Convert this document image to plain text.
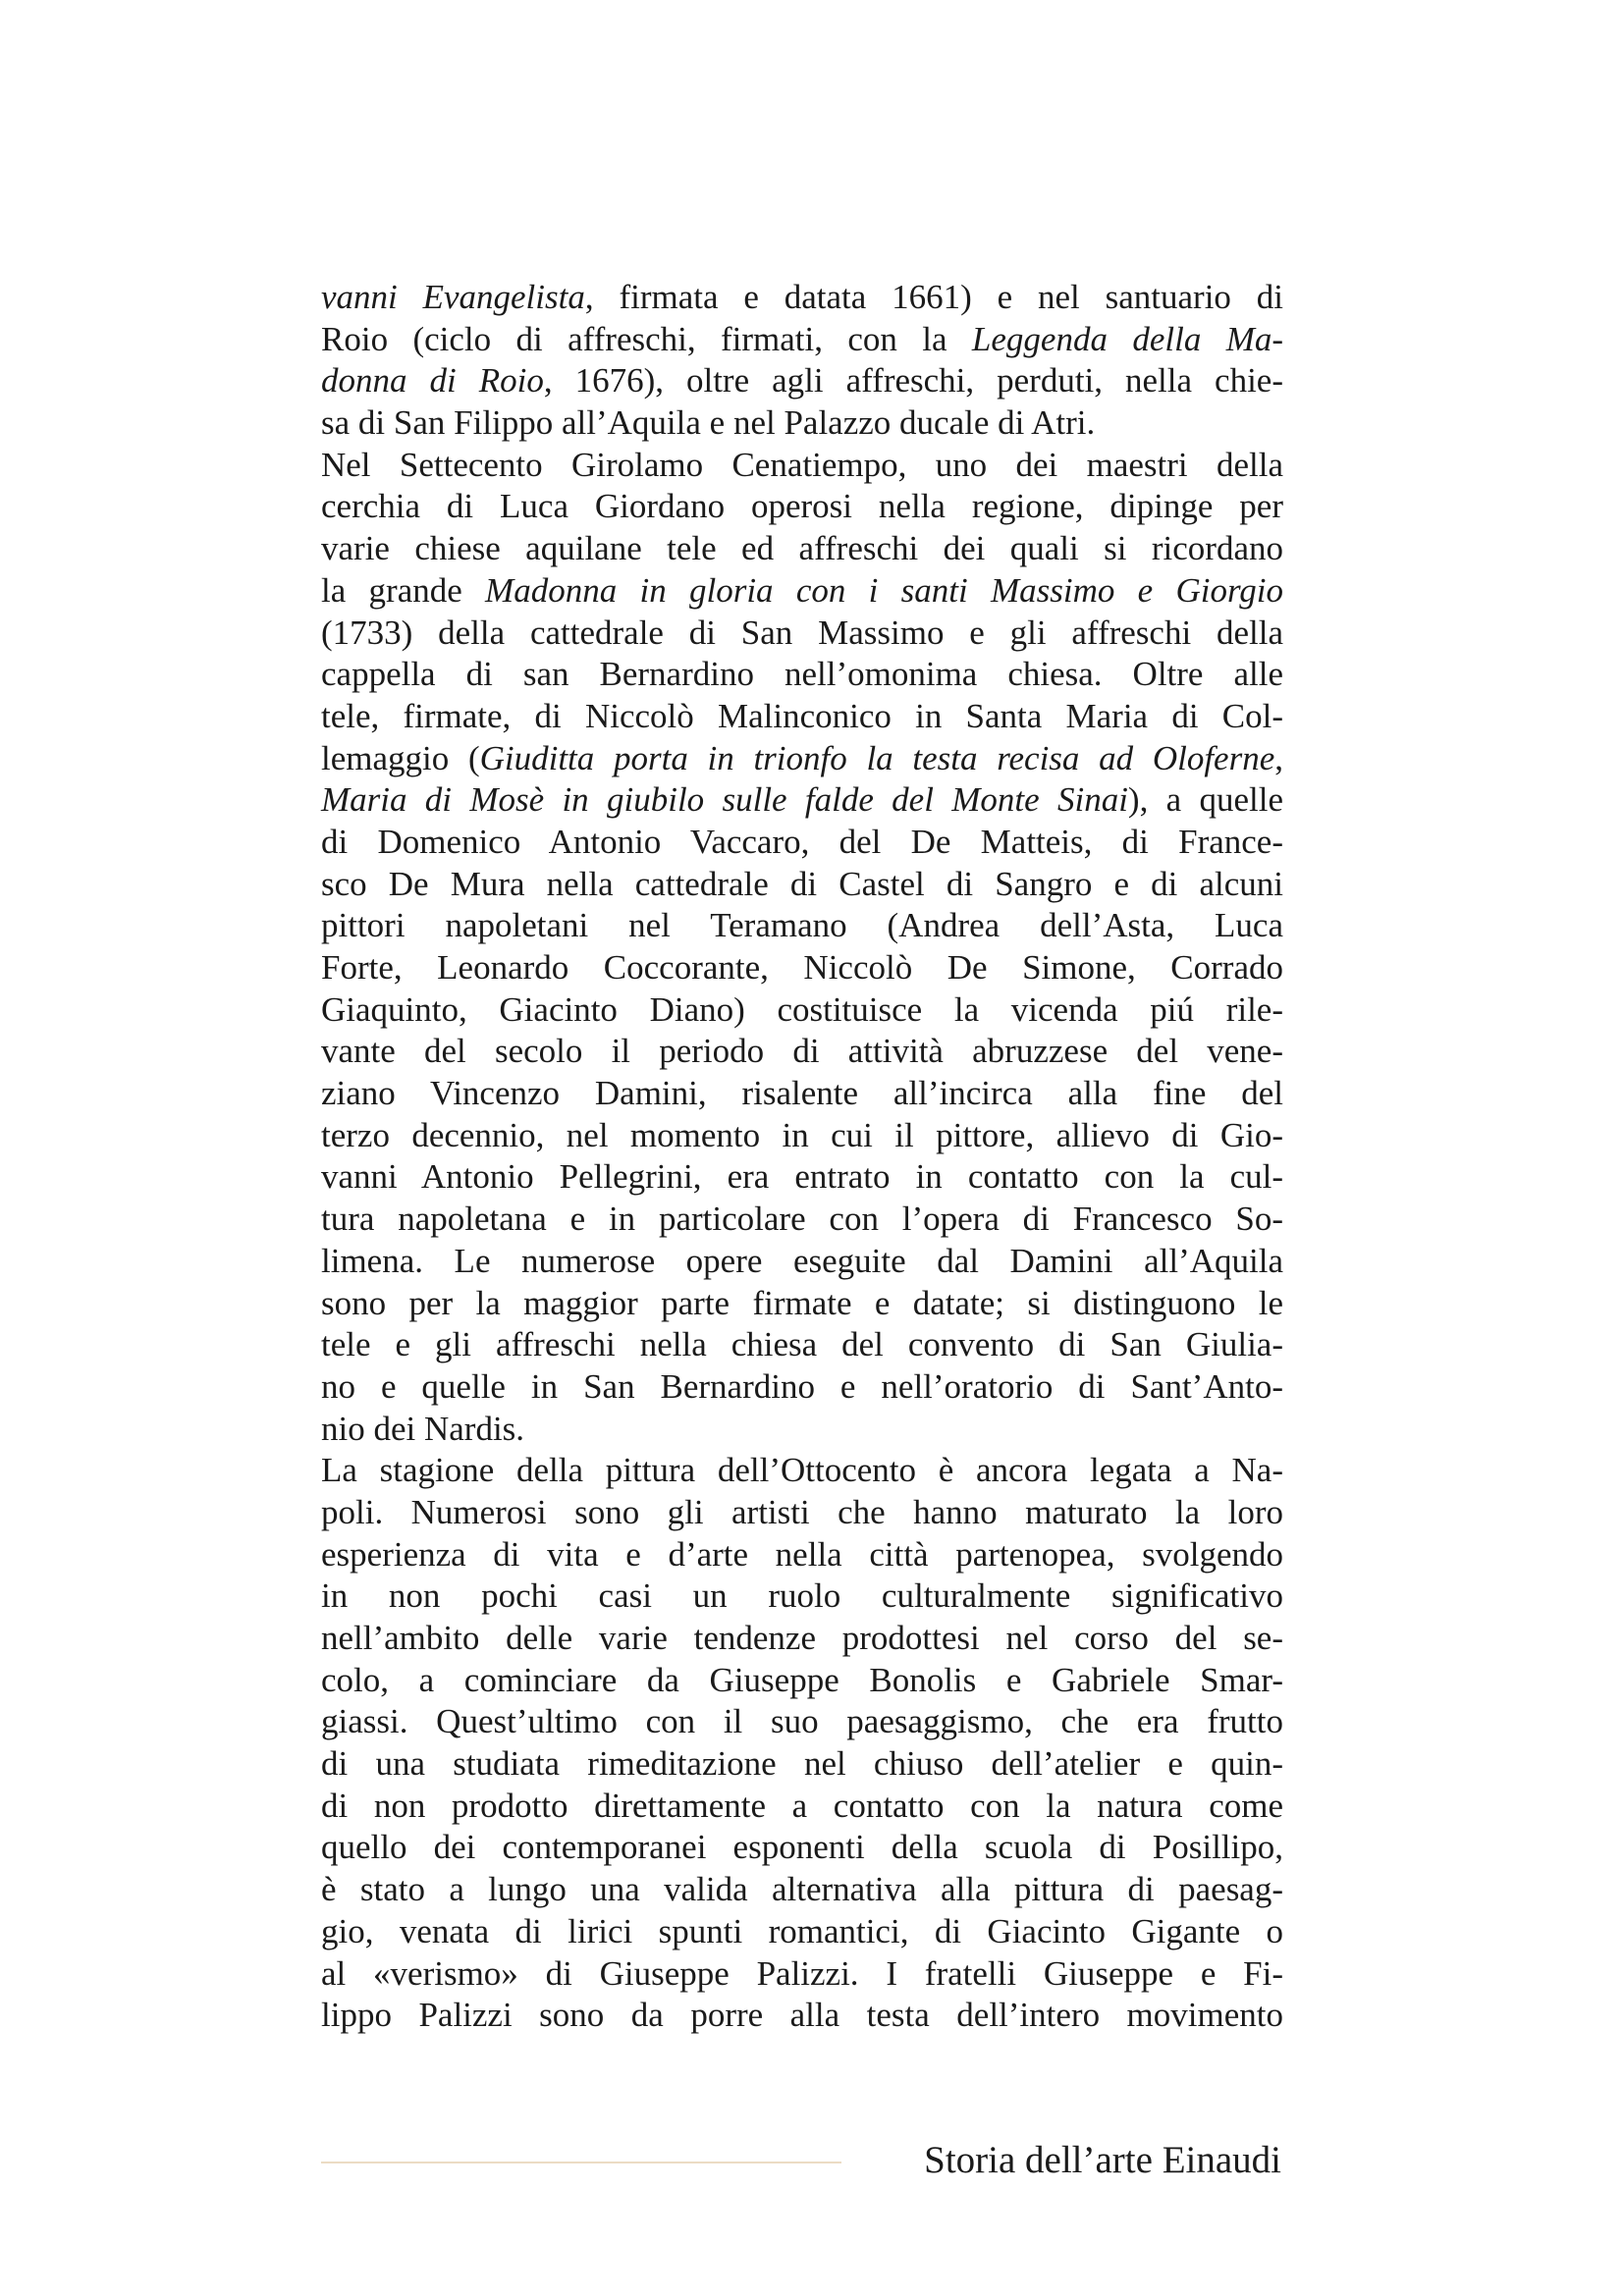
vanni Evangelista, firmata e datata 1661) e nel santuario di
Roio (ciclo di affreschi, firmati, con la Leggenda della Ma-
donna di Roio, 1676), oltre agli affreschi, perduti, nella chie-
sa di San Filippo all’Aquila e nel Palazzo ducale di Atri.
Nel Settecento Girolamo Cenatiempo, uno dei maestri della
cerchia di Luca Giordano operosi nella regione, dipinge per
varie chiese aquilane tele ed affreschi dei quali si ricordano
la grande Madonna in gloria con i santi Massimo e Giorgio
(1733) della cattedrale di San Massimo e gli affreschi della
cappella di san Bernardino nell’omonima chiesa. Oltre alle
tele, firmate, di Niccolò Malinconico in Santa Maria di Col-
lemaggio (Giuditta porta in trionfo la testa recisa ad Oloferne,
Maria di Mosè in giubilo sulle falde del Monte Sinai), a quelle
di Domenico Antonio Vaccaro, del De Matteis, di France-
sco De Mura nella cattedrale di Castel di Sangro e di alcuni
pittori napoletani nel Teramano (Andrea dell’Asta, Luca
Forte, Leonardo Coccorante, Niccolò De Simone, Corrado
Giaquinto, Giacinto Diano) costituisce la vicenda piú rile-
vante del secolo il periodo di attività abruzzese del vene-
ziano Vincenzo Damini, risalente all’incirca alla fine del
terzo decennio, nel momento in cui il pittore, allievo di Gio-
vanni Antonio Pellegrini, era entrato in contatto con la cul-
tura napoletana e in particolare con l’opera di Francesco So-
limena. Le numerose opere eseguite dal Damini all’Aquila
sono per la maggior parte firmate e datate; si distinguono le
tele e gli affreschi nella chiesa del convento di San Giulia-
no e quelle in San Bernardino e nell’oratorio di Sant’Anto-
nio dei Nardis.
La stagione della pittura dell’Ottocento è ancora legata a Na-
poli. Numerosi sono gli artisti che hanno maturato la loro
esperienza di vita e d’arte nella città partenopea, svolgendo
in non pochi casi un ruolo culturalmente significativo
nell’ambito delle varie tendenze prodottesi nel corso del se-
colo, a cominciare da Giuseppe Bonolis e Gabriele Smar-
giassi. Quest’ultimo con il suo paesaggismo, che era frutto
di una studiata rimeditazione nel chiuso dell’atelier e quin-
di non prodotto direttamente a contatto con la natura come
quello dei contemporanei esponenti della scuola di Posillipo,
è stato a lungo una valida alternativa alla pittura di paesag-
gio, venata di lirici spunti romantici, di Giacinto Gigante o
al «verismo» di Giuseppe Palizzi. I fratelli Giuseppe e Fi-
lippo Palizzi sono da porre alla testa dell’intero movimento
Storia dell’arte Einaudi
